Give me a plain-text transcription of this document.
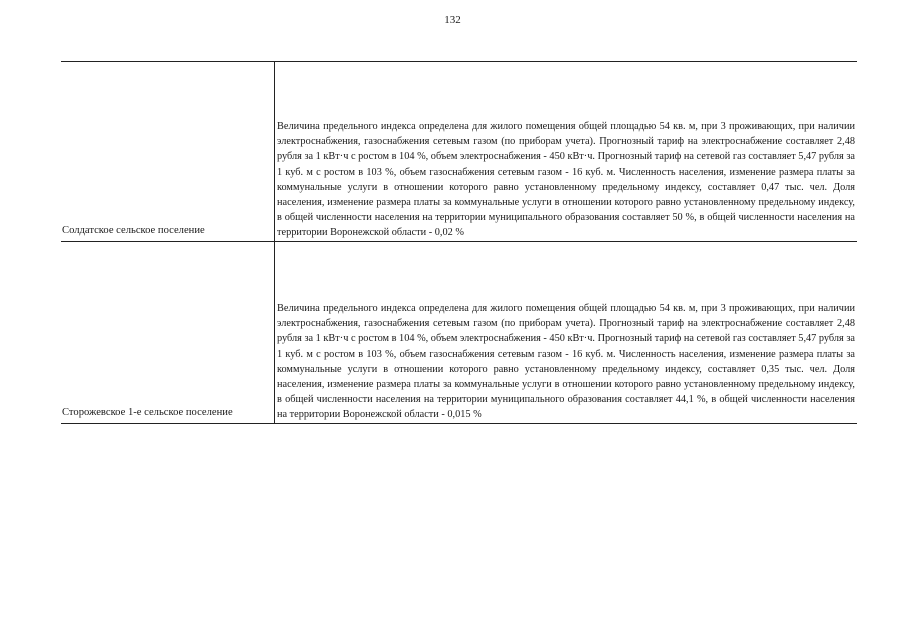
132
Солдатское сельское поселение

Величина предельного индекса определена для жилого помещения общей площадью 54 кв. м, при 3 проживающих, при наличии электроснабжения, газоснабжения сетевым газом (по приборам учета). Прогнозный тариф на электроснабжение составляет 2,48 рубля за 1 кВт·ч с ростом в 104 %, объем электроснабжения - 450 кВт·ч. Прогнозный тариф на сетевой газ составляет 5,47 рубля за 1 куб. м с ростом в 103 %, объем газоснабжения сетевым газом - 16 куб. м. Численность населения, изменение размера платы за коммунальные услуги в отношении которого равно установленному предельному индексу, составляет 0,47 тыс. чел. Доля населения, изменение размера платы за коммунальные услуги в отношении которого равно установленному предельному индексу, в общей численности населения на территории муниципального образования составляет 50 %, в общей численности населения на территории Воронежской области - 0,02 %

Сторожевское 1-е сельское поселение

Величина предельного индекса определена для жилого помещения общей площадью 54 кв. м, при 3 проживающих, при наличии электроснабжения, газоснабжения сетевым газом (по приборам учета). Прогнозный тариф на электроснабжение составляет 2,48 рубля за 1 кВт·ч с ростом в 104 %, объем электроснабжения - 450 кВт·ч. Прогнозный тариф на сетевой газ составляет 5,47 рубля за 1 куб. м с ростом в 103 %, объем газоснабжения сетевым газом - 16 куб. м. Численность населения, изменение размера платы за коммунальные услуги в отношении которого равно установленному предельному индексу, составляет 0,35 тыс. чел. Доля населения, изменение размера платы за коммунальные услуги в отношении которого равно установленному предельному индексу, в общей численности населения на территории муниципального образования составляет 44,1 %, в общей численности населения на территории Воронежской области - 0,015 %
